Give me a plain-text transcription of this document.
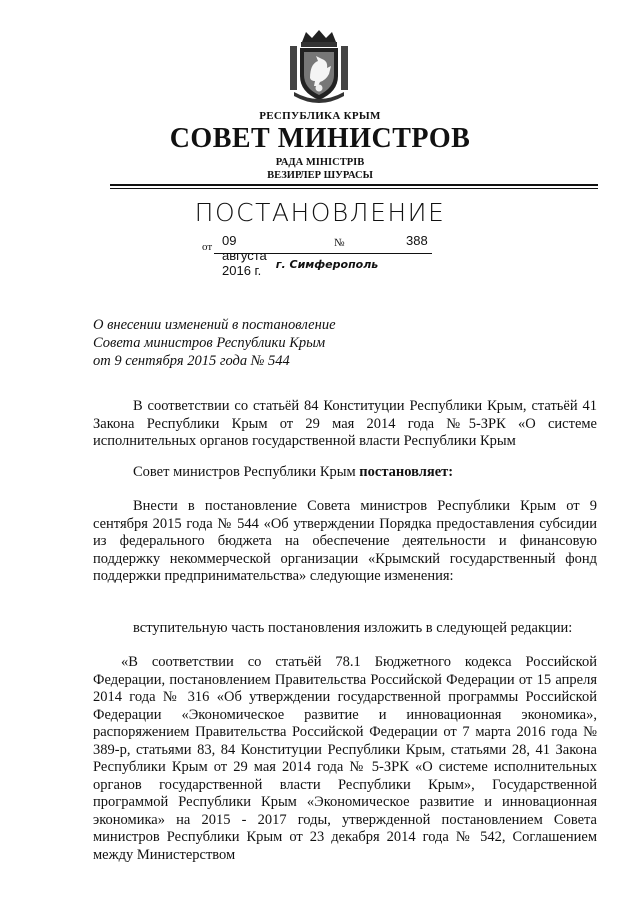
РЕСПУБЛИКА КРЫМ
СОВЕТ МИНИСТРОВ
РАДА МІНІСТРІВ
ВЕЗИРЛЕР ШУРАСЫ
ПОСТАНОВЛЕНИЕ
от 09 августа 2016 г.
№	388
г. Симферополь
О внесении изменений в постановление
Совета министров Республики Крым
от 9 сентября 2015 года № 544
В соответствии со статьёй 84 Конституции Республики Крым, статьёй 41 Закона Республики Крым от 29 мая 2014 года №5-ЗРК «О системе исполнительных органов государственной власти Республики Крым
Совет министров Республики Крым постановляет:
Внести в постановление Совета министров Республики Крым от 9 сентября 2015 года № 544 «Об утверждении Порядка предоставления субсидии из федерального бюджета на обеспечение деятельности и финансовую поддержку некоммерческой организации «Крымский государственный фонд поддержки предпринимательства» следующие изменения:
вступительную часть постановления изложить в следующей редакции:
«В соответствии со статьёй 78.1 Бюджетного кодекса Российской Федерации, постановлением Правительства Российской Федерации от 15 апреля 2014 года № 316 «Об утверждении государственной программы Российской Федерации «Экономическое развитие и инновационная экономика», распоряжением Правительства Российской Федерации от 7 марта 2016 года № 389-р, статьями 83, 84 Конституции Республики Крым, статьями 28, 41 Закона Республики Крым от 29 мая 2014 года № 5-ЗРК «О системе исполнительных органов государственной власти Республики Крым», Государственной программой Республики Крым «Экономическое развитие и инновационная экономика» на 2015 - 2017 годы, утвержденной постановлением Совета министров Республики Крым от 23 декабря 2014 года № 542, Соглашением между Министерством
